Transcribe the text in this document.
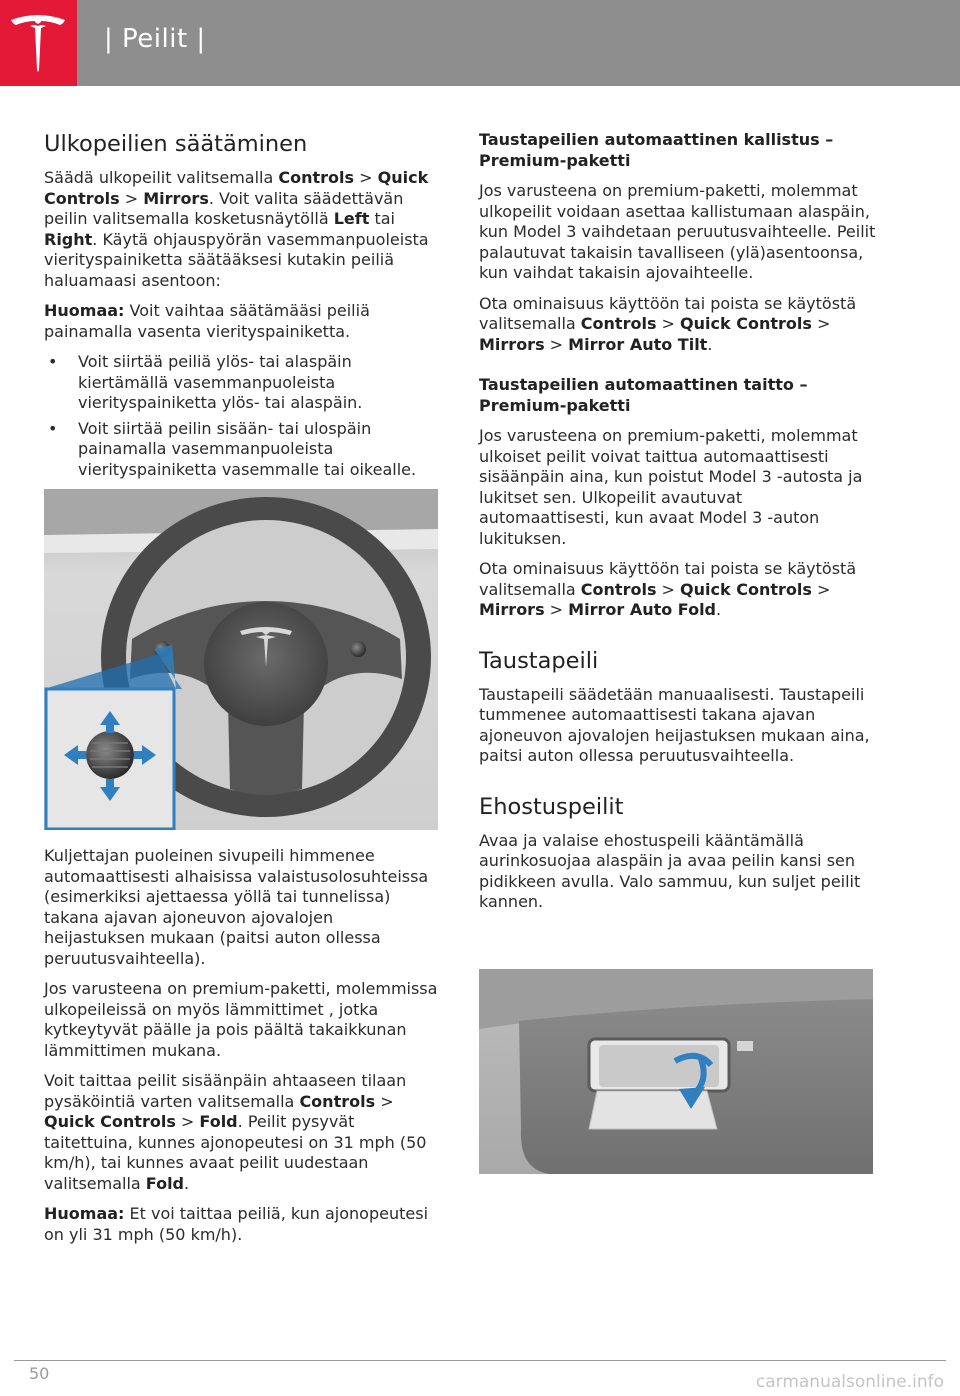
| Peilit |
Ulkopeilien säätäminen

Säädä ulkopeilit valitsemalla Controls > Quick Controls > Mirrors. Voit valita säädettävän peilin valitsemalla kosketusnäytöllä Left tai Right. Käytä ohjauspyörän vasemmanpuoleista vierityspainiketta säätääksesi kutakin peiliä haluamaasi asentoon:

Huomaa: Voit vaihtaa säätämääsi peiliä painamalla vasenta vierityspainiketta.

• Voit siirtää peiliä ylös- tai alaspäin kiertämällä vasemmanpuoleista vierityspainiketta ylös- tai alaspäin.
• Voit siirtää peilin sisään- tai ulospäin painamalla vasemmanpuoleista vierityspainiketta vasemmalle tai oikealle.

Kuljettajan puoleinen sivupeili himmenee automaattisesti alhaisissa valaistusolosuhteissa (esimerkiksi ajettaessa yöllä tai tunnelissa) takana ajavan ajoneuvon ajovalojen heijastuksen mukaan (paitsi auton ollessa peruutusvaihteella).

Jos varusteena on premium-paketti, molemmissa ulkopeileissä on myös lämmittimet , jotka kytkeytyvät päälle ja pois päältä takaikkunan lämmittimen mukana.

Voit taittaa peilit sisäänpäin ahtaaseen tilaan pysäköintiä varten valitsemalla Controls > Quick Controls > Fold. Peilit pysyvät taitettuina, kunnes ajonopeutesi on 31 mph (50 km/h), tai kunnes avaat peilit uudestaan valitsemalla Fold.

Huomaa: Et voi taittaa peiliä, kun ajonopeutesi on yli 31 mph (50 km/h).

Taustapeilien automaattinen kallistus – Premium-paketti

Jos varusteena on premium-paketti, molemmat ulkopeilit voidaan asettaa kallistumaan alaspäin, kun Model 3 vaihdetaan peruutusvaihteelle. Peilit palautuvat takaisin tavalliseen (ylä)asentoonsa, kun vaihdat takaisin ajovaihteelle.

Ota ominaisuus käyttöön tai poista se käytöstä valitsemalla Controls > Quick Controls > Mirrors > Mirror Auto Tilt.

Taustapeilien automaattinen taitto – Premium-paketti

Jos varusteena on premium-paketti, molemmat ulkoiset peilit voivat taittua automaattisesti sisäänpäin aina, kun poistut Model 3 -autosta ja lukitset sen. Ulkopeilit avautuvat automaattisesti, kun avaat Model 3 -auton lukituksen.

Ota ominaisuus käyttöön tai poista se käytöstä valitsemalla Controls > Quick Controls > Mirrors > Mirror Auto Fold.

Taustapeili

Taustapeili säädetään manuaalisesti. Taustapeili tummenee automaattisesti takana ajavan ajoneuvon ajovalojen heijastuksen mukaan aina, paitsi auton ollessa peruutusvaihteella.

Ehostuspeilit

Avaa ja valaise ehostuspeili kääntämällä aurinkosuojaa alaspäin ja avaa peilin kansi sen pidikkeen avulla. Valo sammuu, kun suljet peilit kannen.

50	carmanualsonline.info
